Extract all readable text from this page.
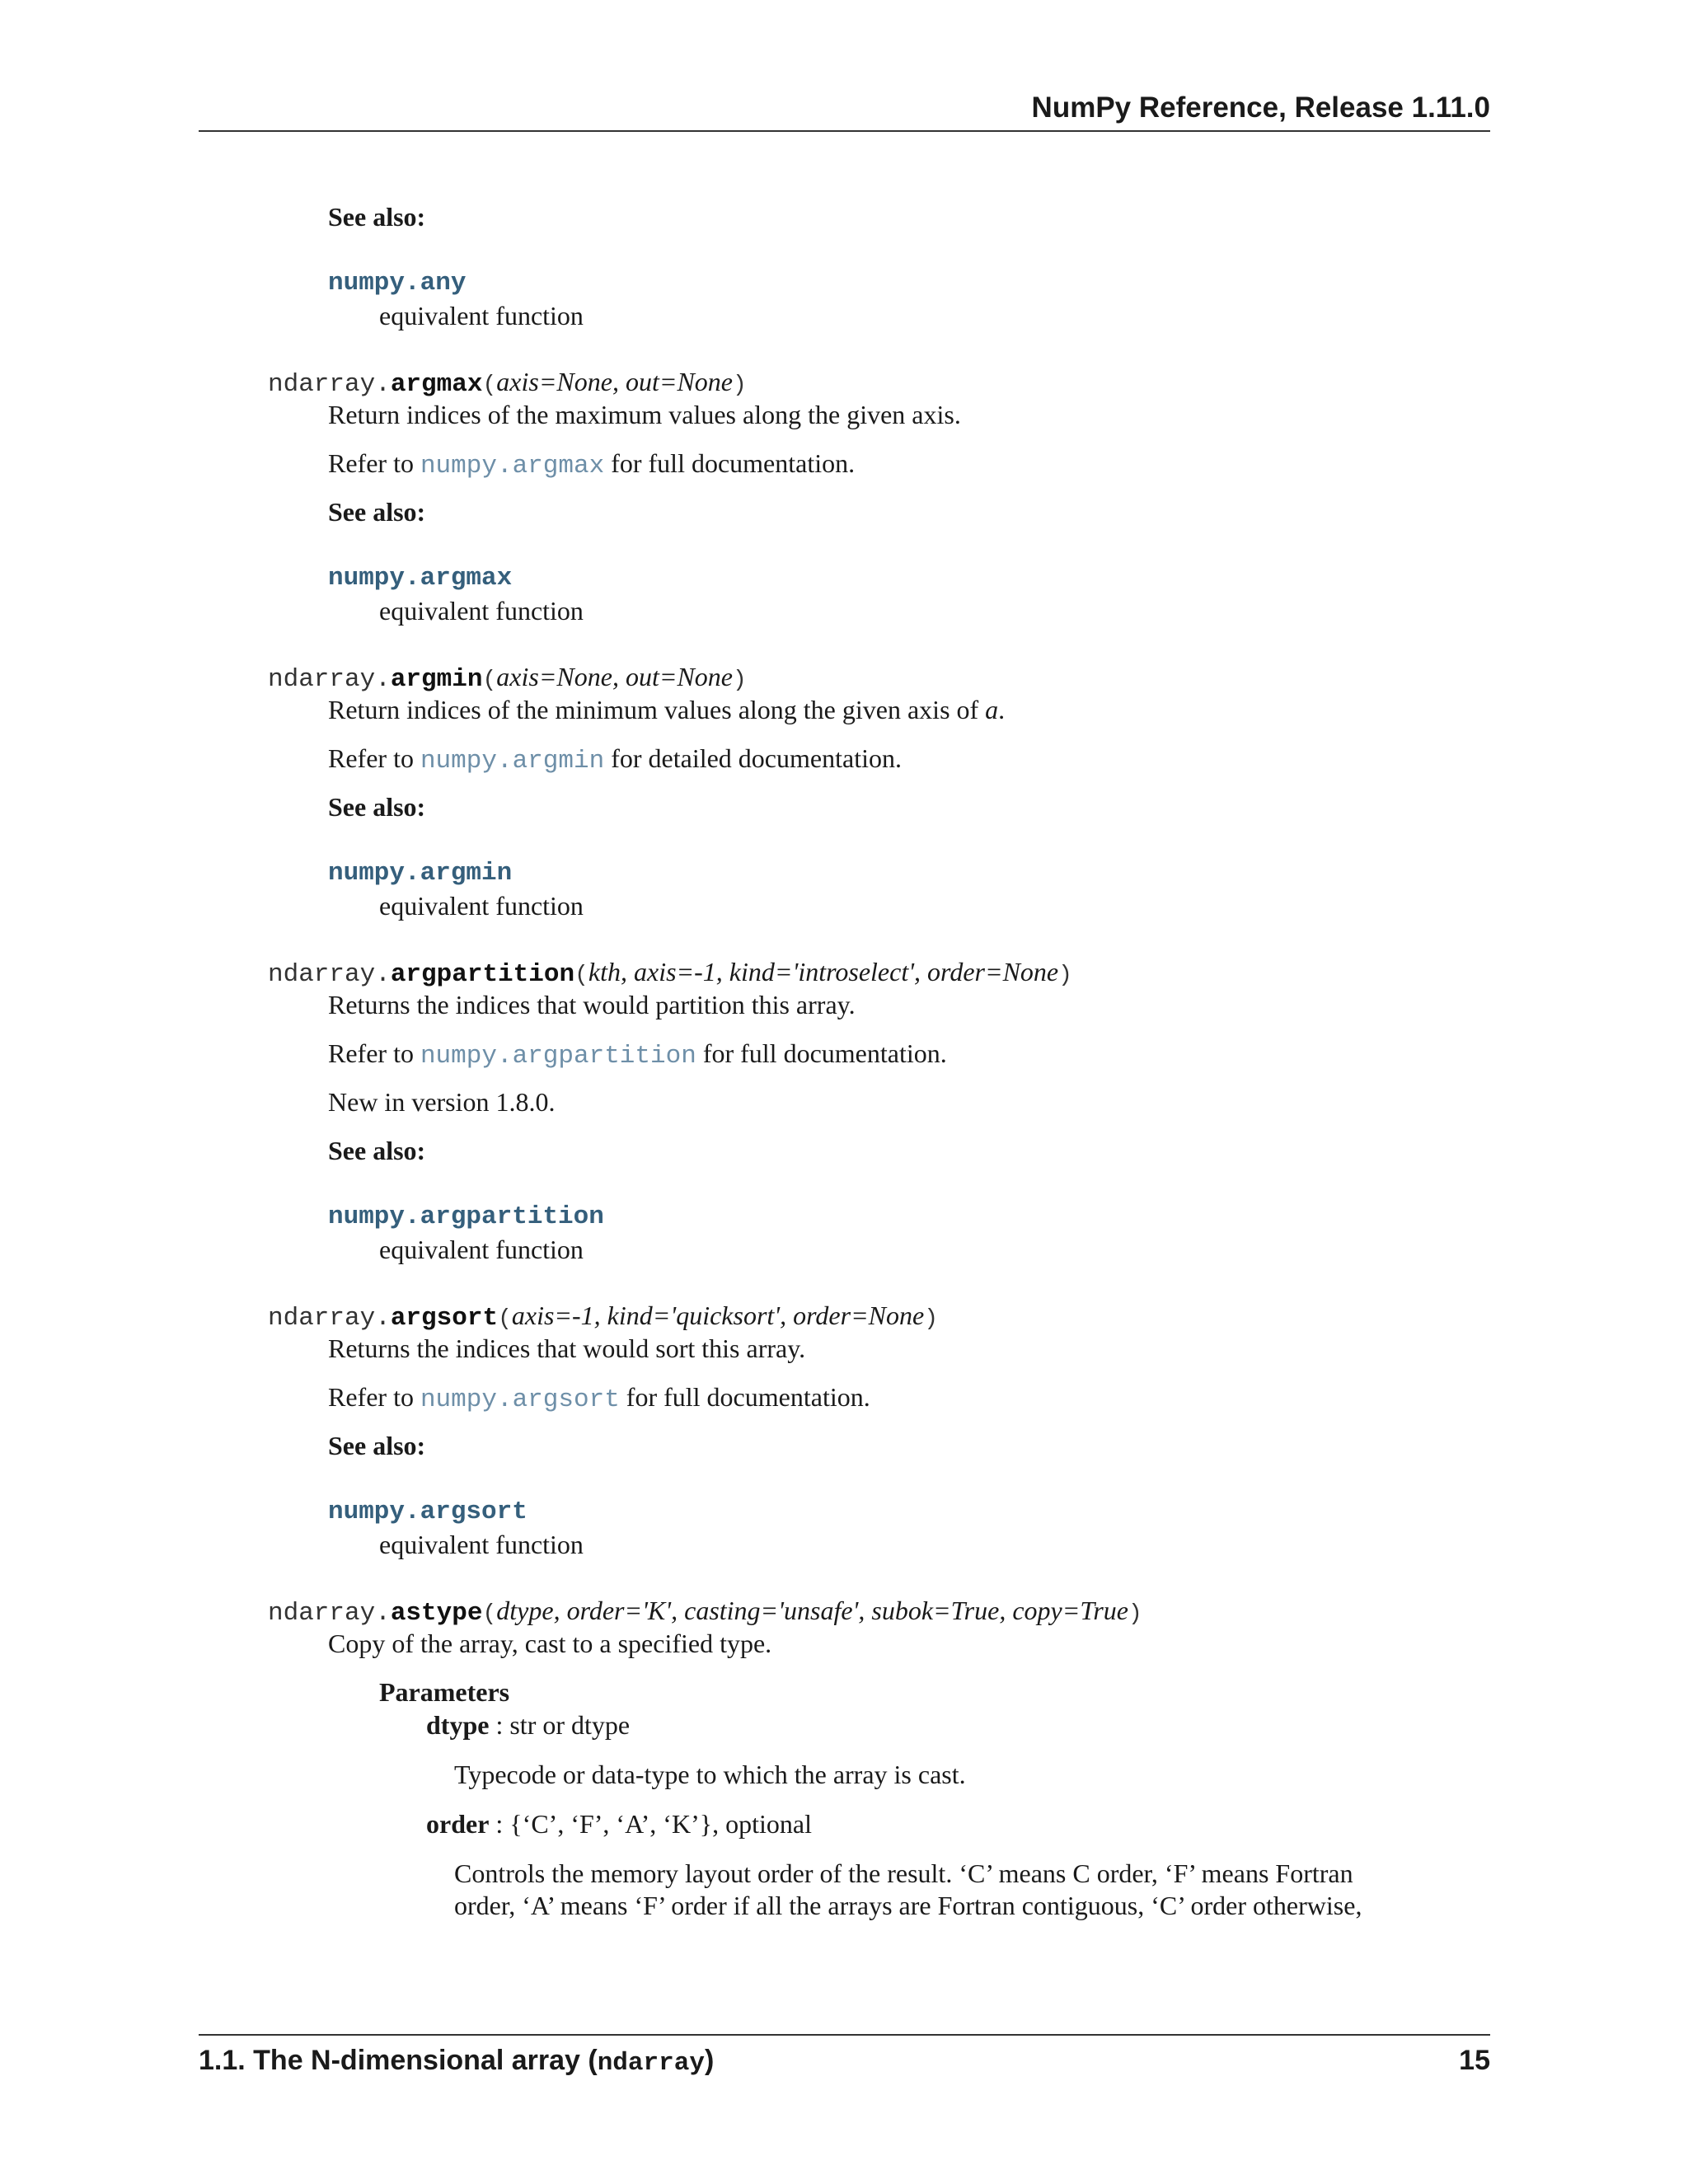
NumPy Reference, Release 1.11.0
See also:
numpy.any
equivalent function
ndarray.argmax(axis=None, out=None)
Return indices of the maximum values along the given axis.
Refer to numpy.argmax for full documentation.
See also:
numpy.argmax
equivalent function
ndarray.argmin(axis=None, out=None)
Return indices of the minimum values along the given axis of a.
Refer to numpy.argmin for detailed documentation.
See also:
numpy.argmin
equivalent function
ndarray.argpartition(kth, axis=-1, kind='introselect', order=None)
Returns the indices that would partition this array.
Refer to numpy.argpartition for full documentation.
New in version 1.8.0.
See also:
numpy.argpartition
equivalent function
ndarray.argsort(axis=-1, kind='quicksort', order=None)
Returns the indices that would sort this array.
Refer to numpy.argsort for full documentation.
See also:
numpy.argsort
equivalent function
ndarray.astype(dtype, order='K', casting='unsafe', subok=True, copy=True)
Copy of the array, cast to a specified type.
Parameters
dtype : str or dtype
Typecode or data-type to which the array is cast.
order : {‘C’, ‘F’, ‘A’, ‘K’}, optional
Controls the memory layout order of the result. ‘C’ means C order, ‘F’ means Fortran
order, ‘A’ means ‘F’ order if all the arrays are Fortran contiguous, ‘C’ order otherwise,
1.1. The N-dimensional array (ndarray)	15
